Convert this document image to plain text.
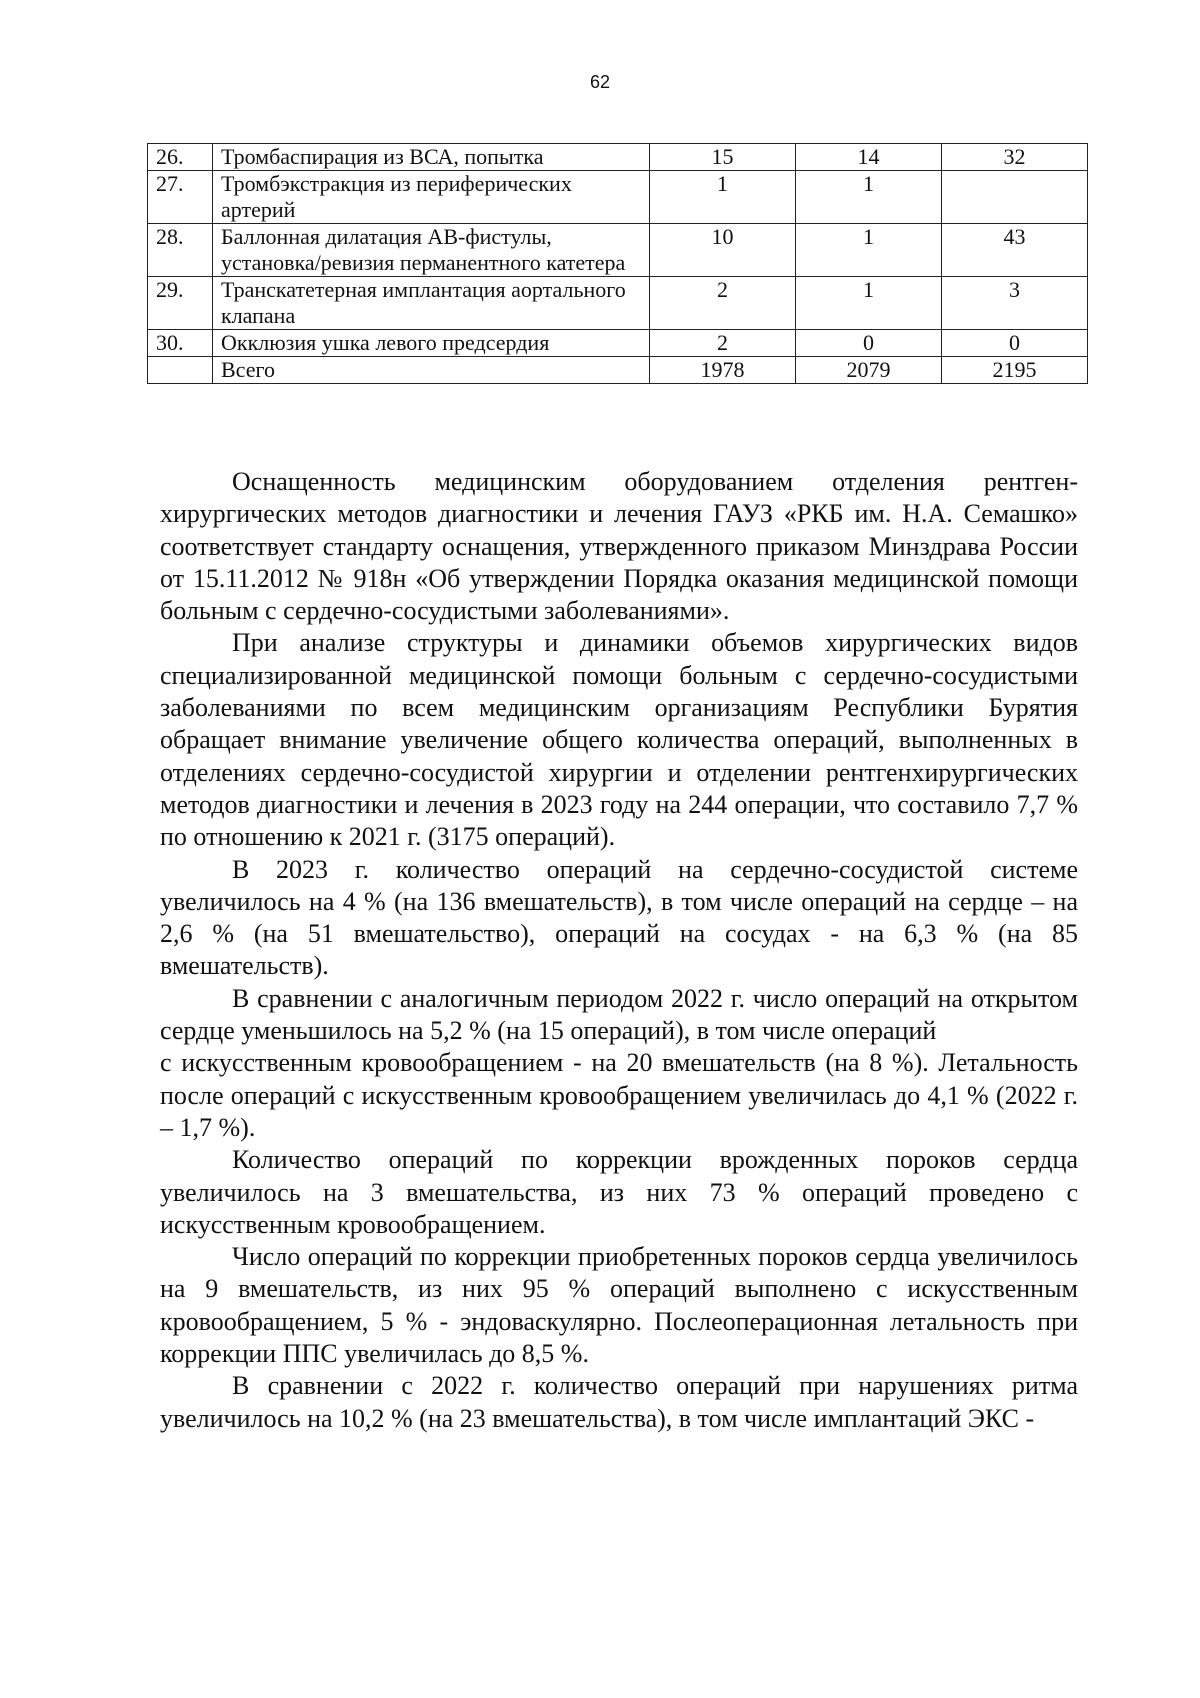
62
26.	Тромбаспирация из ВСА, попытка	15	14	32
27.	Тромбэкстракция из периферических артерий	1	1	
28.	Баллонная дилатация АВ-фистулы, установка/ревизия перманентного катетера	10	1	43
29.	Транскатетерная имплантация аортального клапана	2	1	3
30.	Окклюзия ушка левого предсердия	2	0	0
	Всего	1978	2079	2195

Оснащенность медицинским оборудованием отделения рентген-хирургических методов диагностики и лечения ГАУЗ «РКБ им. Н.А. Семашко» соответствует стандарту оснащения, утвержденного приказом Минздрава России от 15.11.2012 № 918н «Об утверждении Порядка оказания медицинской помощи больным с сердечно-сосудистыми заболеваниями».

При анализе структуры и динамики объемов хирургических видов специализированной медицинской помощи больным с сердечно-сосудистыми заболеваниями по всем медицинским организациям Республики Бурятия обращает внимание увеличение общего количества операций, выполненных в отделениях сердечно-сосудистой хирургии и отделении рентгенхирургических методов диагностики и лечения в 2023 году на 244 операции, что составило 7,7 % по отношению к 2021 г. (3175 операций).

В 2023 г. количество операций на сердечно-сосудистой системе увеличилось на 4 % (на 136 вмешательств), в том числе операций на сердце – на 2,6 % (на 51 вмешательство), операций на сосудах - на 6,3 % (на 85 вмешательств).

В сравнении с аналогичным периодом 2022 г. число операций на открытом сердце уменьшилось на 5,2 % (на 15 операций), в том числе операций

с искусственным кровообращением - на 20 вмешательств (на 8 %). Летальность после операций с искусственным кровообращением увеличилась до 4,1 % (2022 г. – 1,7 %).

Количество операций по коррекции врожденных пороков сердца увеличилось на 3 вмешательства, из них 73 % операций проведено с искусственным кровообращением.

Число операций по коррекции приобретенных пороков сердца увеличилось на 9 вмешательств, из них 95 % операций выполнено с искусственным кровообращением, 5 % - эндоваскулярно. Послеоперационная летальность при коррекции ППС увеличилась до 8,5 %.

В сравнении с 2022 г. количество операций при нарушениях ритма увеличилось на 10,2 % (на 23 вмешательства), в том числе имплантаций ЭКС -
